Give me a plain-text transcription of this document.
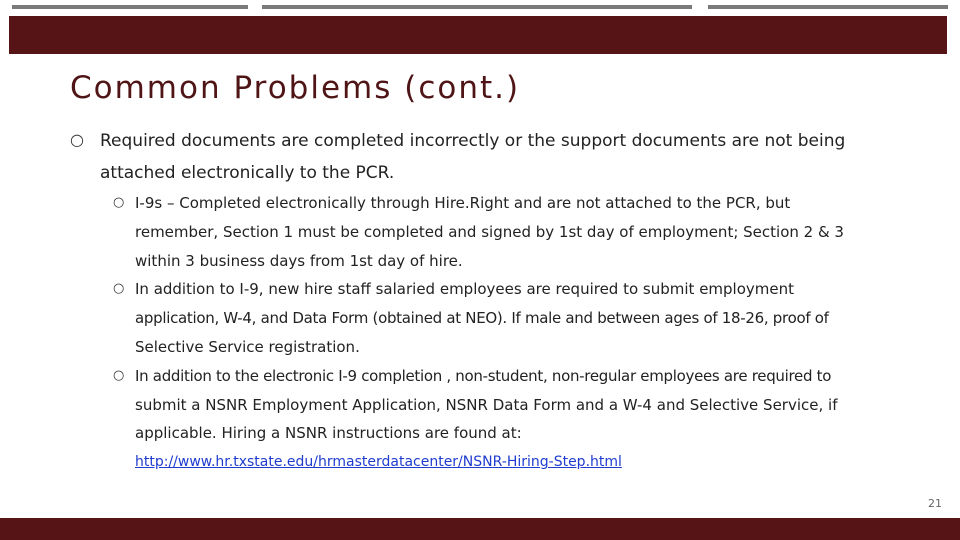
Common Problems (cont.)
○ Required documents are completed incorrectly or the support documents are not being
attached electronically to the PCR.
○ I-9s – Completed electronically through Hire.Right and are not attached to the PCR, but
remember, Section 1 must be completed and signed by 1st day of employment; Section 2 & 3
within 3 business days from 1st day of hire.
○ In addition to I-9, new hire staff salaried employees are required to submit employment
application, W-4, and Data Form (obtained at NEO). If male and between ages of 18-26, proof of
Selective Service registration.
○ In addition to the electronic I-9 completion , non-student, non-regular employees are required to
submit a NSNR Employment Application, NSNR Data Form and a W-4 and Selective Service, if
applicable. Hiring a NSNR instructions are found at:
http://www.hr.txstate.edu/hrmasterdatacenter/NSNR-Hiring-Step.html
21
